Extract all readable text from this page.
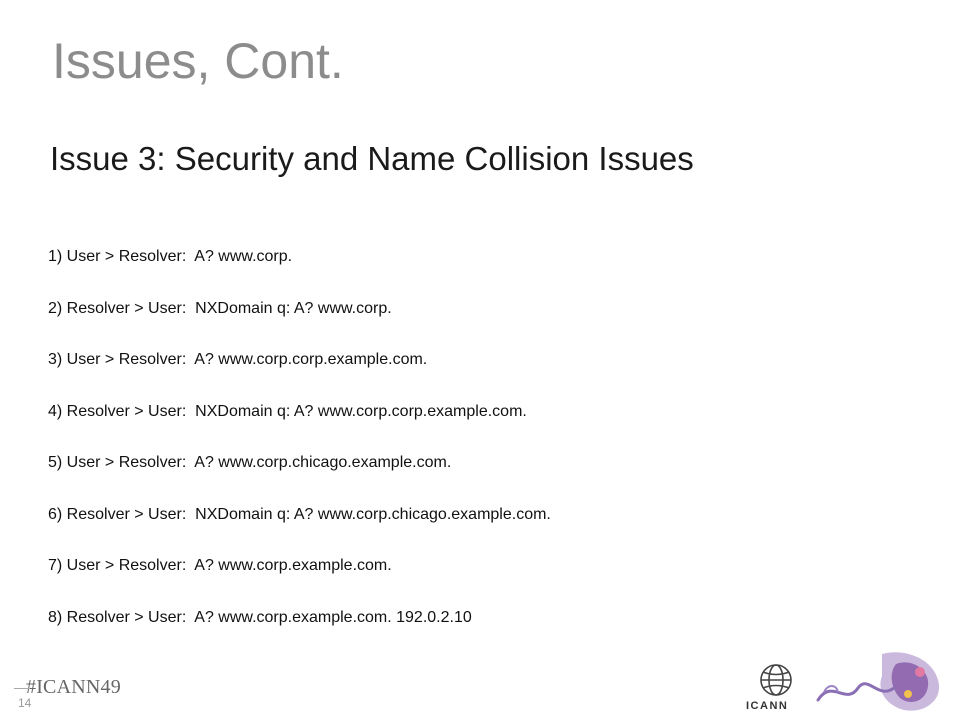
Issues, Cont.
Issue 3: Security and Name Collision Issues
1) User > Resolver:  A? www.corp.
2) Resolver > User:  NXDomain q: A? www.corp.
3) User > Resolver:  A? www.corp.corp.example.com.
4) Resolver > User:  NXDomain q: A? www.corp.corp.example.com.
5) User > Resolver:  A? www.corp.chicago.example.com.
6) Resolver > User:  NXDomain q: A? www.corp.chicago.example.com.
7) User > Resolver:  A? www.corp.example.com.
8) Resolver > User:  A? www.corp.example.com. 192.0.2.10
#ICANN49
14	ICANN
